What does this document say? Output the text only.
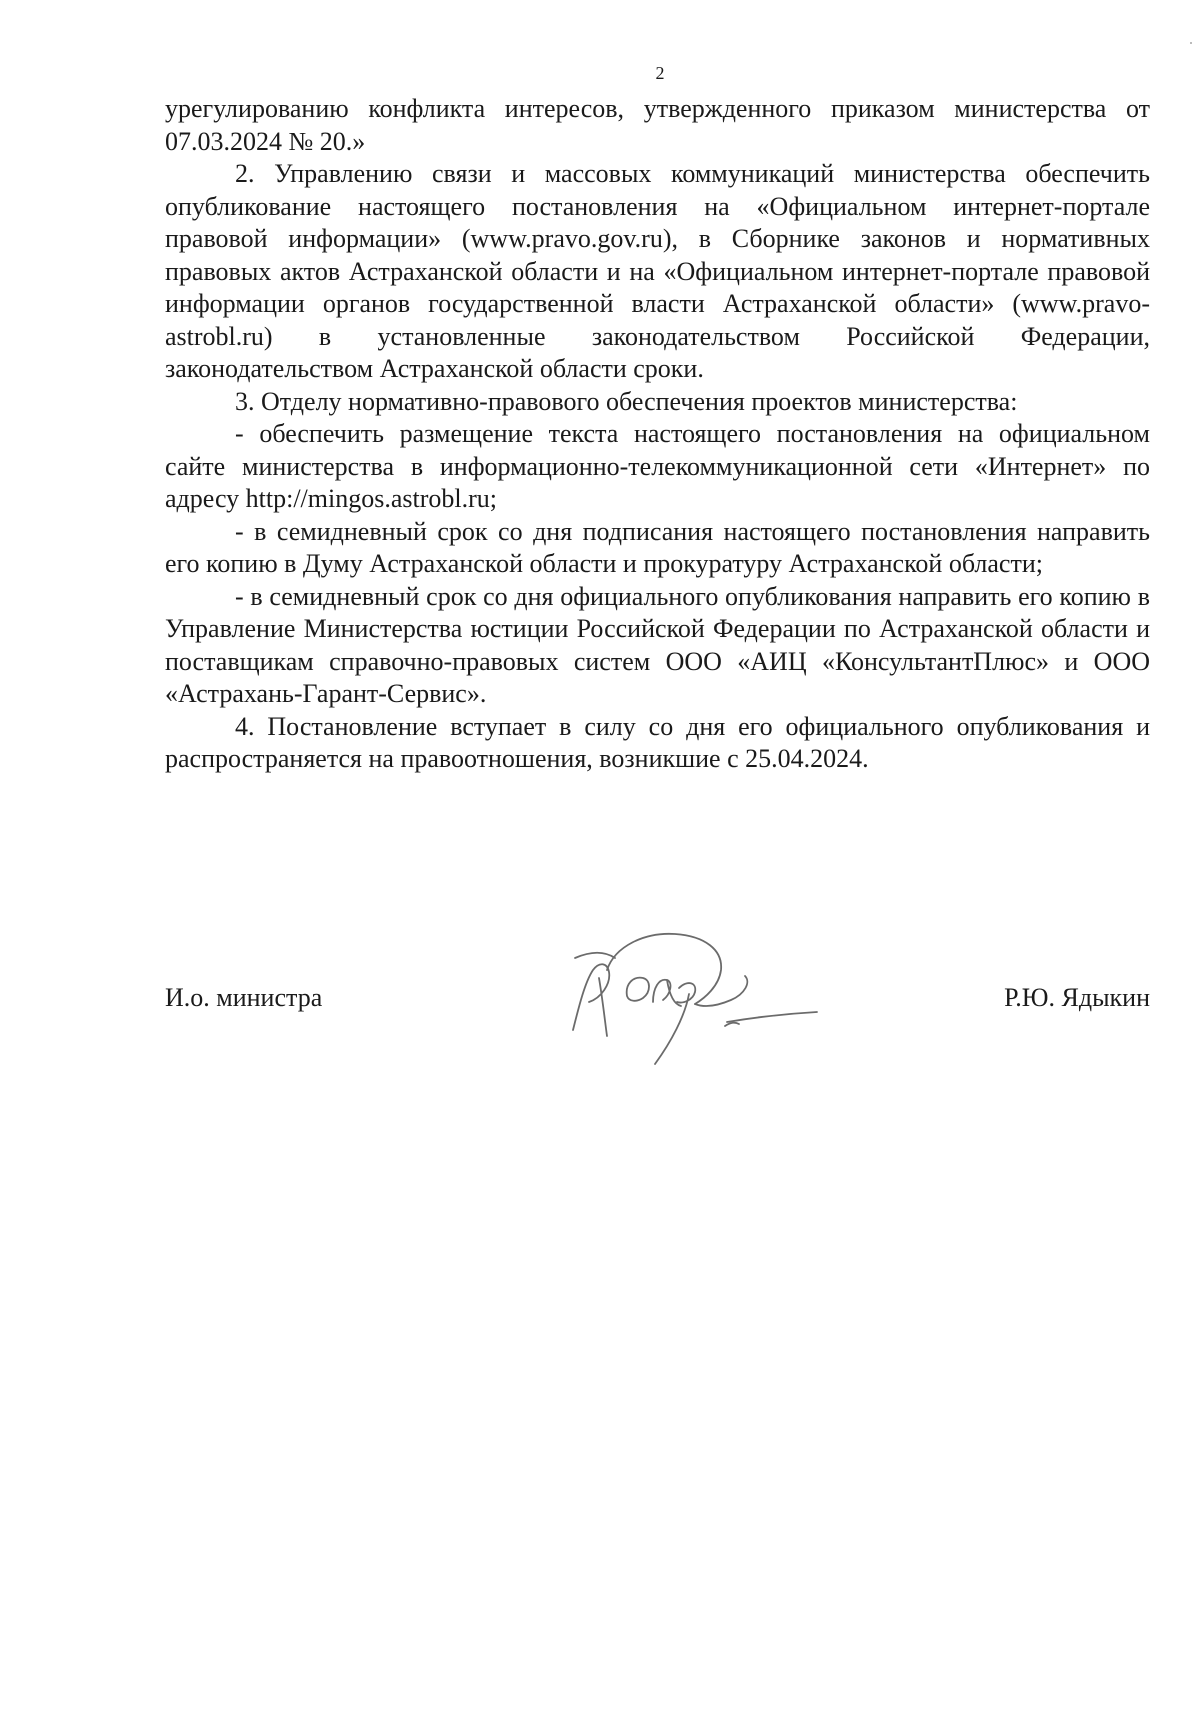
2

урегулированию конфликта интересов, утвержденного приказом министерства от 07.03.2024 № 20.»

2. Управлению связи и массовых коммуникаций министерства обеспечить опубликование настоящего постановления на «Официальном интернет-портале правовой информации» (www.pravo.gov.ru), в Сборнике законов и нормативных правовых актов Астраханской области и на «Официальном интернет-портале правовой информации органов государственной власти Астраханской области» (www.pravo-astrobl.ru) в установленные законодательством Российской Федерации, законодательством Астраханской области сроки.

3. Отделу нормативно-правового обеспечения проектов министерства:

- обеспечить размещение текста настоящего постановления на официальном сайте министерства в информационно-телекоммуникационной сети «Интернет» по адресу http://mingos.astrobl.ru;

- в семидневный срок со дня подписания настоящего постановления направить его копию в Думу Астраханской области и прокуратуру Астраханской области;

- в семидневный срок со дня официального опубликования направить его копию в Управление Министерства юстиции Российской Федерации по Астраханской области и поставщикам справочно-правовых систем ООО «АИЦ «КонсультантПлюс» и ООО «Астрахань-Гарант-Сервис».

4. Постановление вступает в силу со дня его официального опубликования и распространяется на правоотношения, возникшие с 25.04.2024.

И.о. министра	Р.Ю. Ядыкин
